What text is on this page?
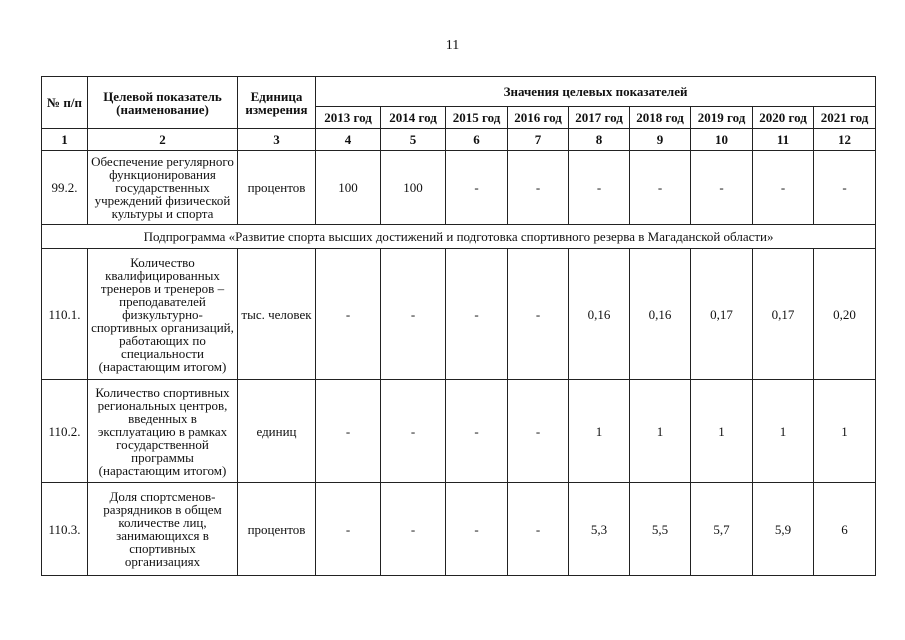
11
№ п/п	Целевой показатель (наименование)	Единица измерения	Значения целевых показателей								
			2013 год	2014 год	2015 год	2016 год	2017 год	2018 год	2019 год	2020 год	2021 год
1	2	3	4	5	6	7	8	9	10	11	12
99.2.	Обеспечение регулярного функционирования государственных учреждений физической культуры и спорта	процентов	100	100	-	-	-	-	-	-	-
Подпрограмма «Развитие спорта высших достижений и подготовка спортивного резерва в Магаданской области»											
110.1.	Количество квалифицированных тренеров и тренеров – преподавателей физкультурно-спортивных организаций, работающих по специальности (нарастающим итогом)	тыс. человек	-	-	-	-	0,16	0,16	0,17	0,17	0,20
110.2.	Количество спортивных региональных центров, введенных в эксплуатацию в рамках государственной программы (нарастающим итогом)	единиц	-	-	-	-	1	1	1	1	1
110.3.	Доля спортсменов-разрядников в общем количестве лиц, занимающихся в спортивных организациях	процентов	-	-	-	-	5,3	5,5	5,7	5,9	6
